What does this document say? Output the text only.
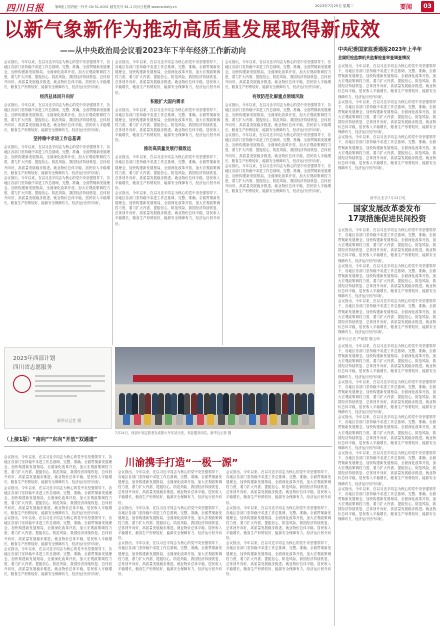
四川日报	第6版 | 国内统一刊号 CN 51-0001 邮发代号 61-1 四川日报网 www.scdaily.cn	2023年7月25日 星期二	要闻	03
以新气象新作为推动高质量发展取得新成效
——从中央政治局会议看2023年下半年经济工作新动向
会议指出，今年以来，在以习近平同志为核心的党中央坚强领导下，各地区各部门坚持稳中求进工作总基调，完整、准确、全面贯彻新发展理念，加快构建新发展格局，全面深化改革开放，加大宏观政策调控力度，着力扩大内需、提振信心、防范风险，我国经济持续恢复、总体回升向好，高质量发展稳步推进。就业物价总体平稳，居民收入平稳增长，粮食生产形势较好，能源安全保障有力，经济运行回升向好。
经济总体回升向好
会议指出，今年以来，在以习近平同志为核心的党中央坚强领导下，各地区各部门坚持稳中求进工作总基调，完整、准确、全面贯彻新发展理念，加快构建新发展格局，全面深化改革开放，加大宏观政策调控力度，着力扩大内需、提振信心、防范风险，我国经济持续恢复、总体回升向好，高质量发展稳步推进。就业物价总体平稳，居民收入平稳增长，粮食生产形势较好，能源安全保障有力，经济运行回升向好。
坚持稳中求进工作总基调
会议指出，今年以来，在以习近平同志为核心的党中央坚强领导下，各地区各部门坚持稳中求进工作总基调，完整、准确、全面贯彻新发展理念，加快构建新发展格局，全面深化改革开放，加大宏观政策调控力度，着力扩大内需、提振信心、防范风险，我国经济持续恢复、总体回升向好，高质量发展稳步推进。就业物价总体平稳，居民收入平稳增长，粮食生产形势较好，能源安全保障有力，经济运行回升向好。
会议指出，今年以来，在以习近平同志为核心的党中央坚强领导下，各地区各部门坚持稳中求进工作总基调，完整、准确、全面贯彻新发展理念，加快构建新发展格局，全面深化改革开放，加大宏观政策调控力度，着力扩大内需、提振信心、防范风险，我国经济持续恢复、总体回升向好，高质量发展稳步推进。就业物价总体平稳，居民收入平稳增长，粮食生产形势较好，能源安全保障有力，经济运行回升向好。
会议指出，今年以来，在以习近平同志为核心的党中央坚强领导下，各地区各部门坚持稳中求进工作总基调，完整、准确、全面贯彻新发展理念，加快构建新发展格局，全面深化改革开放，加大宏观政策调控力度，着力扩大内需、提振信心、防范风险，我国经济持续恢复、总体回升向好，高质量发展稳步推进。就业物价总体平稳，居民收入平稳增长，粮食生产形势较好，能源安全保障有力，经济运行回升向好。
积极扩大国内需求
会议指出，今年以来，在以习近平同志为核心的党中央坚强领导下，各地区各部门坚持稳中求进工作总基调，完整、准确、全面贯彻新发展理念，加快构建新发展格局，全面深化改革开放，加大宏观政策调控力度，着力扩大内需、提振信心、防范风险，我国经济持续恢复、总体回升向好，高质量发展稳步推进。就业物价总体平稳，居民收入平稳增长，粮食生产形势较好，能源安全保障有力，经济运行回升向好。
推动高质量发展行稳致远
会议指出，今年以来，在以习近平同志为核心的党中央坚强领导下，各地区各部门坚持稳中求进工作总基调，完整、准确、全面贯彻新发展理念，加快构建新发展格局，全面深化改革开放，加大宏观政策调控力度，着力扩大内需、提振信心、防范风险，我国经济持续恢复、总体回升向好，高质量发展稳步推进。就业物价总体平稳，居民收入平稳增长，粮食生产形势较好，能源安全保障有力，经济运行回升向好。
会议指出，今年以来，在以习近平同志为核心的党中央坚强领导下，各地区各部门坚持稳中求进工作总基调，完整、准确、全面贯彻新发展理念，加快构建新发展格局，全面深化改革开放，加大宏观政策调控力度，着力扩大内需、提振信心、防范风险，我国经济持续恢复、总体回升向好，高质量发展稳步推进。就业物价总体平稳，居民收入平稳增长，粮食生产形势较好，能源安全保障有力，经济运行回升向好。
会议指出，今年以来，在以习近平同志为核心的党中央坚强领导下，各地区各部门坚持稳中求进工作总基调，完整、准确、全面贯彻新发展理念，加快构建新发展格局，全面深化改革开放，加大宏观政策调控力度，着力扩大内需、提振信心、防范风险，我国经济持续恢复、总体回升向好，高质量发展稳步推进。就业物价总体平稳，居民收入平稳增长，粮食生产形势较好，能源安全保障有力，经济运行回升向好。
有效防范化解重点领域风险
会议指出，今年以来，在以习近平同志为核心的党中央坚强领导下，各地区各部门坚持稳中求进工作总基调，完整、准确、全面贯彻新发展理念，加快构建新发展格局，全面深化改革开放，加大宏观政策调控力度，着力扩大内需、提振信心、防范风险，我国经济持续恢复、总体回升向好，高质量发展稳步推进。就业物价总体平稳，居民收入平稳增长，粮食生产形势较好，能源安全保障有力，经济运行回升向好。
会议指出，今年以来，在以习近平同志为核心的党中央坚强领导下，各地区各部门坚持稳中求进工作总基调，完整、准确、全面贯彻新发展理念，加快构建新发展格局，全面深化改革开放，加大宏观政策调控力度，着力扩大内需、提振信心、防范风险，我国经济持续恢复、总体回升向好，高质量发展稳步推进。就业物价总体平稳，居民收入平稳增长，粮食生产形势较好，能源安全保障有力，经济运行回升向好。
会议指出，今年以来，在以习近平同志为核心的党中央坚强领导下，各地区各部门坚持稳中求进工作总基调，完整、准确、全面贯彻新发展理念，加快构建新发展格局，全面深化改革开放，加大宏观政策调控力度，着力扩大内需、提振信心、防范风险，我国经济持续恢复、总体回升向好，高质量发展稳步推进。就业物价总体平稳，居民收入平稳增长，粮食生产形势较好，能源安全保障有力，经济运行回升向好。
中央纪委国家监委通报2023年上半年
全国纪检监察机关监督检查审查调查情况
会议指出，今年以来，在以习近平同志为核心的党中央坚强领导下，各地区各部门坚持稳中求进工作总基调，完整、准确、全面贯彻新发展理念，加快构建新发展格局，全面深化改革开放，加大宏观政策调控力度，着力扩大内需、提振信心、防范风险，我国经济持续恢复、总体回升向好，高质量发展稳步推进。就业物价总体平稳，居民收入平稳增长，粮食生产形势较好，能源安全保障有力，经济运行回升向好。
会议指出，今年以来，在以习近平同志为核心的党中央坚强领导下，各地区各部门坚持稳中求进工作总基调，完整、准确、全面贯彻新发展理念，加快构建新发展格局，全面深化改革开放，加大宏观政策调控力度，着力扩大内需、提振信心、防范风险，我国经济持续恢复、总体回升向好，高质量发展稳步推进。就业物价总体平稳，居民收入平稳增长，粮食生产形势较好，能源安全保障有力，经济运行回升向好。
会议指出，今年以来，在以习近平同志为核心的党中央坚强领导下，各地区各部门坚持稳中求进工作总基调，完整、准确、全面贯彻新发展理念，加快构建新发展格局，全面深化改革开放，加大宏观政策调控力度，着力扩大内需、提振信心、防范风险，我国经济持续恢复、总体回升向好，高质量发展稳步推进。就业物价总体平稳，居民收入平稳增长，粮食生产形势较好，能源安全保障有力，经济运行回升向好。
新华社北京7月24日电
国家发展改革委发布
17项措施促进民间投资
会议指出，今年以来，在以习近平同志为核心的党中央坚强领导下，各地区各部门坚持稳中求进工作总基调，完整、准确、全面贯彻新发展理念，加快构建新发展格局，全面深化改革开放，加大宏观政策调控力度，着力扩大内需、提振信心、防范风险，我国经济持续恢复、总体回升向好，高质量发展稳步推进。就业物价总体平稳，居民收入平稳增长，粮食生产形势较好，能源安全保障有力，经济运行回升向好。
会议指出，今年以来，在以习近平同志为核心的党中央坚强领导下，各地区各部门坚持稳中求进工作总基调，完整、准确、全面贯彻新发展理念，加快构建新发展格局，全面深化改革开放，加大宏观政策调控力度，着力扩大内需、提振信心、防范风险，我国经济持续恢复、总体回升向好，高质量发展稳步推进。就业物价总体平稳，居民收入平稳增长，粮食生产形势较好，能源安全保障有力，经济运行回升向好。
会议指出，今年以来，在以习近平同志为核心的党中央坚强领导下，各地区各部门坚持稳中求进工作总基调，完整、准确、全面贯彻新发展理念，加快构建新发展格局，全面深化改革开放，加大宏观政策调控力度，着力扩大内需、提振信心、防范风险，我国经济持续恢复、总体回升向好，高质量发展稳步推进。就业物价总体平稳，居民收入平稳增长，粮食生产形势较好，能源安全保障有力，经济运行回升向好。
新华社记者 严赋憬 魏玉坤
会议指出，今年以来，在以习近平同志为核心的党中央坚强领导下，各地区各部门坚持稳中求进工作总基调，完整、准确、全面贯彻新发展理念，加快构建新发展格局，全面深化改革开放，加大宏观政策调控力度，着力扩大内需、提振信心、防范风险，我国经济持续恢复、总体回升向好，高质量发展稳步推进。就业物价总体平稳，居民收入平稳增长，粮食生产形势较好，能源安全保障有力，经济运行回升向好。
会议指出，今年以来，在以习近平同志为核心的党中央坚强领导下，各地区各部门坚持稳中求进工作总基调，完整、准确、全面贯彻新发展理念，加快构建新发展格局，全面深化改革开放，加大宏观政策调控力度，着力扩大内需、提振信心、防范风险，我国经济持续恢复、总体回升向好，高质量发展稳步推进。就业物价总体平稳，居民收入平稳增长，粮食生产形势较好，能源安全保障有力，经济运行回升向好。
会议指出，今年以来，在以习近平同志为核心的党中央坚强领导下，各地区各部门坚持稳中求进工作总基调，完整、准确、全面贯彻新发展理念，加快构建新发展格局，全面深化改革开放，加大宏观政策调控力度，着力扩大内需、提振信心、防范风险，我国经济持续恢复、总体回升向好，高质量发展稳步推进。就业物价总体平稳，居民收入平稳增长，粮食生产形势较好，能源安全保障有力，经济运行回升向好。
会议指出，今年以来，在以习近平同志为核心的党中央坚强领导下，各地区各部门坚持稳中求进工作总基调，完整、准确、全面贯彻新发展理念，加快构建新发展格局，全面深化改革开放，加大宏观政策调控力度，着力扩大内需、提振信心、防范风险，我国经济持续恢复、总体回升向好，高质量发展稳步推进。就业物价总体平稳，居民收入平稳增长，粮食生产形势较好，能源安全保障有力，经济运行回升向好。
会议指出，今年以来，在以习近平同志为核心的党中央坚强领导下，各地区各部门坚持稳中求进工作总基调，完整、准确、全面贯彻新发展理念，加快构建新发展格局，全面深化改革开放，加大宏观政策调控力度，着力扩大内需、提振信心、防范风险，我国经济持续恢复、总体回升向好，高质量发展稳步推进。就业物价总体平稳，居民收入平稳增长，粮食生产形势较好，能源安全保障有力，经济运行回升向好。
2023年西部计划
四川省志愿服务
新华社记者 摄
7月24日，西部计划志愿者在成都火车东站出发，奔赴服务岗位。新华社记者 摄
（上接1版）“南向”“东向”开放“双通道”
会议指出，今年以来，在以习近平同志为核心的党中央坚强领导下，各地区各部门坚持稳中求进工作总基调，完整、准确、全面贯彻新发展理念，加快构建新发展格局，全面深化改革开放，加大宏观政策调控力度，着力扩大内需、提振信心、防范风险，我国经济持续恢复、总体回升向好，高质量发展稳步推进。就业物价总体平稳，居民收入平稳增长，粮食生产形势较好，能源安全保障有力，经济运行回升向好。
会议指出，今年以来，在以习近平同志为核心的党中央坚强领导下，各地区各部门坚持稳中求进工作总基调，完整、准确、全面贯彻新发展理念，加快构建新发展格局，全面深化改革开放，加大宏观政策调控力度，着力扩大内需、提振信心、防范风险，我国经济持续恢复、总体回升向好，高质量发展稳步推进。就业物价总体平稳，居民收入平稳增长，粮食生产形势较好，能源安全保障有力，经济运行回升向好。
会议指出，今年以来，在以习近平同志为核心的党中央坚强领导下，各地区各部门坚持稳中求进工作总基调，完整、准确、全面贯彻新发展理念，加快构建新发展格局，全面深化改革开放，加大宏观政策调控力度，着力扩大内需、提振信心、防范风险，我国经济持续恢复、总体回升向好，高质量发展稳步推进。就业物价总体平稳，居民收入平稳增长，粮食生产形势较好，能源安全保障有力，经济运行回升向好。
会议指出，今年以来，在以习近平同志为核心的党中央坚强领导下，各地区各部门坚持稳中求进工作总基调，完整、准确、全面贯彻新发展理念，加快构建新发展格局，全面深化改革开放，加大宏观政策调控力度，着力扩大内需、提振信心、防范风险，我国经济持续恢复、总体回升向好，高质量发展稳步推进。就业物价总体平稳，居民收入平稳增长，粮食生产形势较好，能源安全保障有力，经济运行回升向好。
川渝携手打造“一极一源”
会议指出，今年以来，在以习近平同志为核心的党中央坚强领导下，各地区各部门坚持稳中求进工作总基调，完整、准确、全面贯彻新发展理念，加快构建新发展格局，全面深化改革开放，加大宏观政策调控力度，着力扩大内需、提振信心、防范风险，我国经济持续恢复、总体回升向好，高质量发展稳步推进。就业物价总体平稳，居民收入平稳增长，粮食生产形势较好，能源安全保障有力，经济运行回升向好。
会议指出，今年以来，在以习近平同志为核心的党中央坚强领导下，各地区各部门坚持稳中求进工作总基调，完整、准确、全面贯彻新发展理念，加快构建新发展格局，全面深化改革开放，加大宏观政策调控力度，着力扩大内需、提振信心、防范风险，我国经济持续恢复、总体回升向好，高质量发展稳步推进。就业物价总体平稳，居民收入平稳增长，粮食生产形势较好，能源安全保障有力，经济运行回升向好。
会议指出，今年以来，在以习近平同志为核心的党中央坚强领导下，各地区各部门坚持稳中求进工作总基调，完整、准确、全面贯彻新发展理念，加快构建新发展格局，全面深化改革开放，加大宏观政策调控力度，着力扩大内需、提振信心、防范风险，我国经济持续恢复、总体回升向好，高质量发展稳步推进。就业物价总体平稳，居民收入平稳增长，粮食生产形势较好，能源安全保障有力，经济运行回升向好。
会议指出，今年以来，在以习近平同志为核心的党中央坚强领导下，各地区各部门坚持稳中求进工作总基调，完整、准确、全面贯彻新发展理念，加快构建新发展格局，全面深化改革开放，加大宏观政策调控力度，着力扩大内需、提振信心、防范风险，我国经济持续恢复、总体回升向好，高质量发展稳步推进。就业物价总体平稳，居民收入平稳增长，粮食生产形势较好，能源安全保障有力，经济运行回升向好。
会议指出，今年以来，在以习近平同志为核心的党中央坚强领导下，各地区各部门坚持稳中求进工作总基调，完整、准确、全面贯彻新发展理念，加快构建新发展格局，全面深化改革开放，加大宏观政策调控力度，着力扩大内需、提振信心、防范风险，我国经济持续恢复、总体回升向好，高质量发展稳步推进。就业物价总体平稳，居民收入平稳增长，粮食生产形势较好，能源安全保障有力，经济运行回升向好。
会议指出，今年以来，在以习近平同志为核心的党中央坚强领导下，各地区各部门坚持稳中求进工作总基调，完整、准确、全面贯彻新发展理念，加快构建新发展格局，全面深化改革开放，加大宏观政策调控力度，着力扩大内需、提振信心、防范风险，我国经济持续恢复、总体回升向好，高质量发展稳步推进。就业物价总体平稳，居民收入平稳增长，粮食生产形势较好，能源安全保障有力，经济运行回升向好。
